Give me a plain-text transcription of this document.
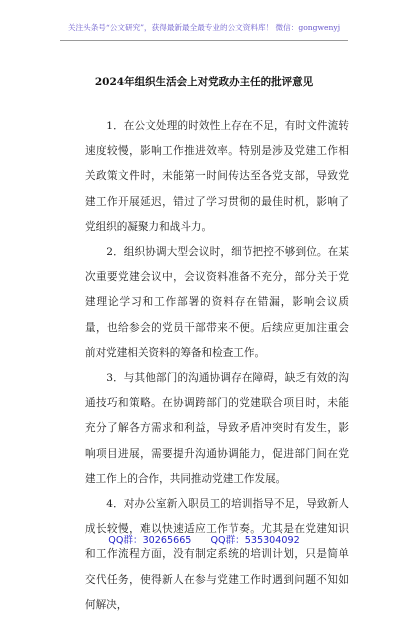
关注头条号“公文研究”，获得最新最全最专业的公文资料库！ 微信：gongwenyj
2024年组织生活会上对党政办主任的批评意见

1．在公文处理的时效性上存在不足，有时文件流转速度较慢，影响工作推进效率。特别是涉及党建工作相关政策文件时，未能第一时间传达至各党支部，导致党建工作开展延迟，错过了学习贯彻的最佳时机，影响了党组织的凝聚力和战斗力。

2．组织协调大型会议时，细节把控不够到位。在某次重要党建会议中，会议资料准备不充分，部分关于党建理论学习和工作部署的资料存在错漏，影响会议质量，也给参会的党员干部带来不便。后续应更加注重会前对党建相关资料的筹备和检查工作。

3．与其他部门的沟通协调存在障碍，缺乏有效的沟通技巧和策略。在协调跨部门的党建联合项目时，未能充分了解各方需求和利益，导致矛盾冲突时有发生，影响项目进展，需要提升沟通协调能力，促进部门间在党建工作上的合作，共同推动党建工作发展。

4．对办公室新入职员工的培训指导不足，导致新人成长较慢，难以快速适应工作节奏。尤其是在党建知识和工作流程方面，没有制定系统的培训计划，只是简单交代任务，使得新人在参与党建工作时遇到问题不知如何解决，

QQ群：30265665 QQ群：535304092
